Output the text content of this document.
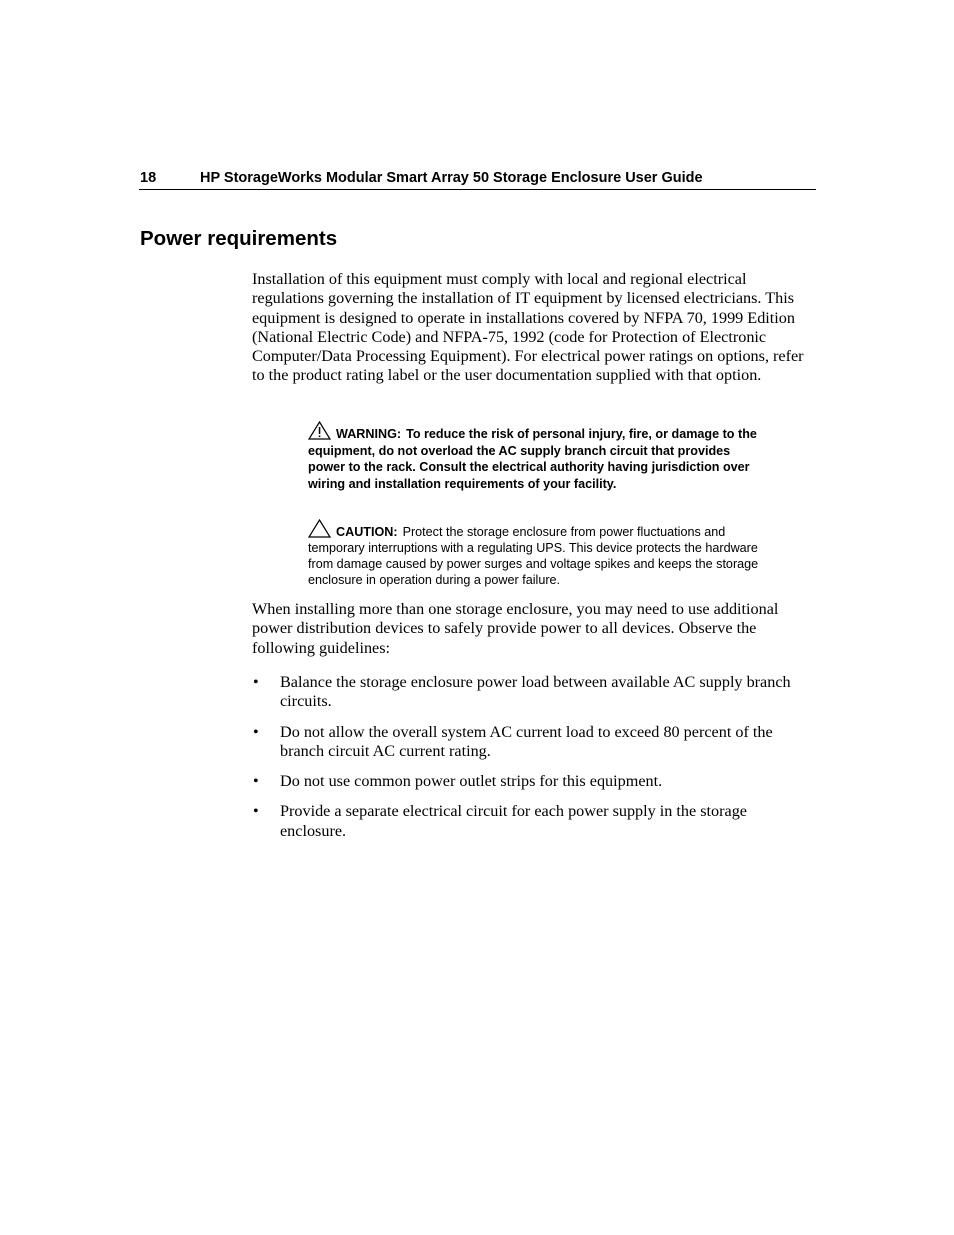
18	HP StorageWorks Modular Smart Array 50 Storage Enclosure User Guide
Power requirements

Installation of this equipment must comply with local and regional electrical regulations governing the installation of IT equipment by licensed electricians. This equipment is designed to operate in installations covered by NFPA 70, 1999 Edition (National Electric Code) and NFPA-75, 1992 (code for Protection of Electronic Computer/Data Processing Equipment). For electrical power ratings on options, refer to the product rating label or the user documentation supplied with that option.

WARNING: To reduce the risk of personal injury, fire, or damage to the equipment, do not overload the AC supply branch circuit that provides power to the rack. Consult the electrical authority having jurisdiction over wiring and installation requirements of your facility.
CAUTION: Protect the storage enclosure from power fluctuations and temporary interruptions with a regulating UPS. This device protects the hardware from damage caused by power surges and voltage spikes and keeps the storage enclosure in operation during a power failure.

When installing more than one storage enclosure, you may need to use additional power distribution devices to safely provide power to all devices. Observe the following guidelines:

• Balance the storage enclosure power load between available AC supply branch circuits.
• Do not allow the overall system AC current load to exceed 80 percent of the branch circuit AC current rating.
• Do not use common power outlet strips for this equipment.
• Provide a separate electrical circuit for each power supply in the storage enclosure.
